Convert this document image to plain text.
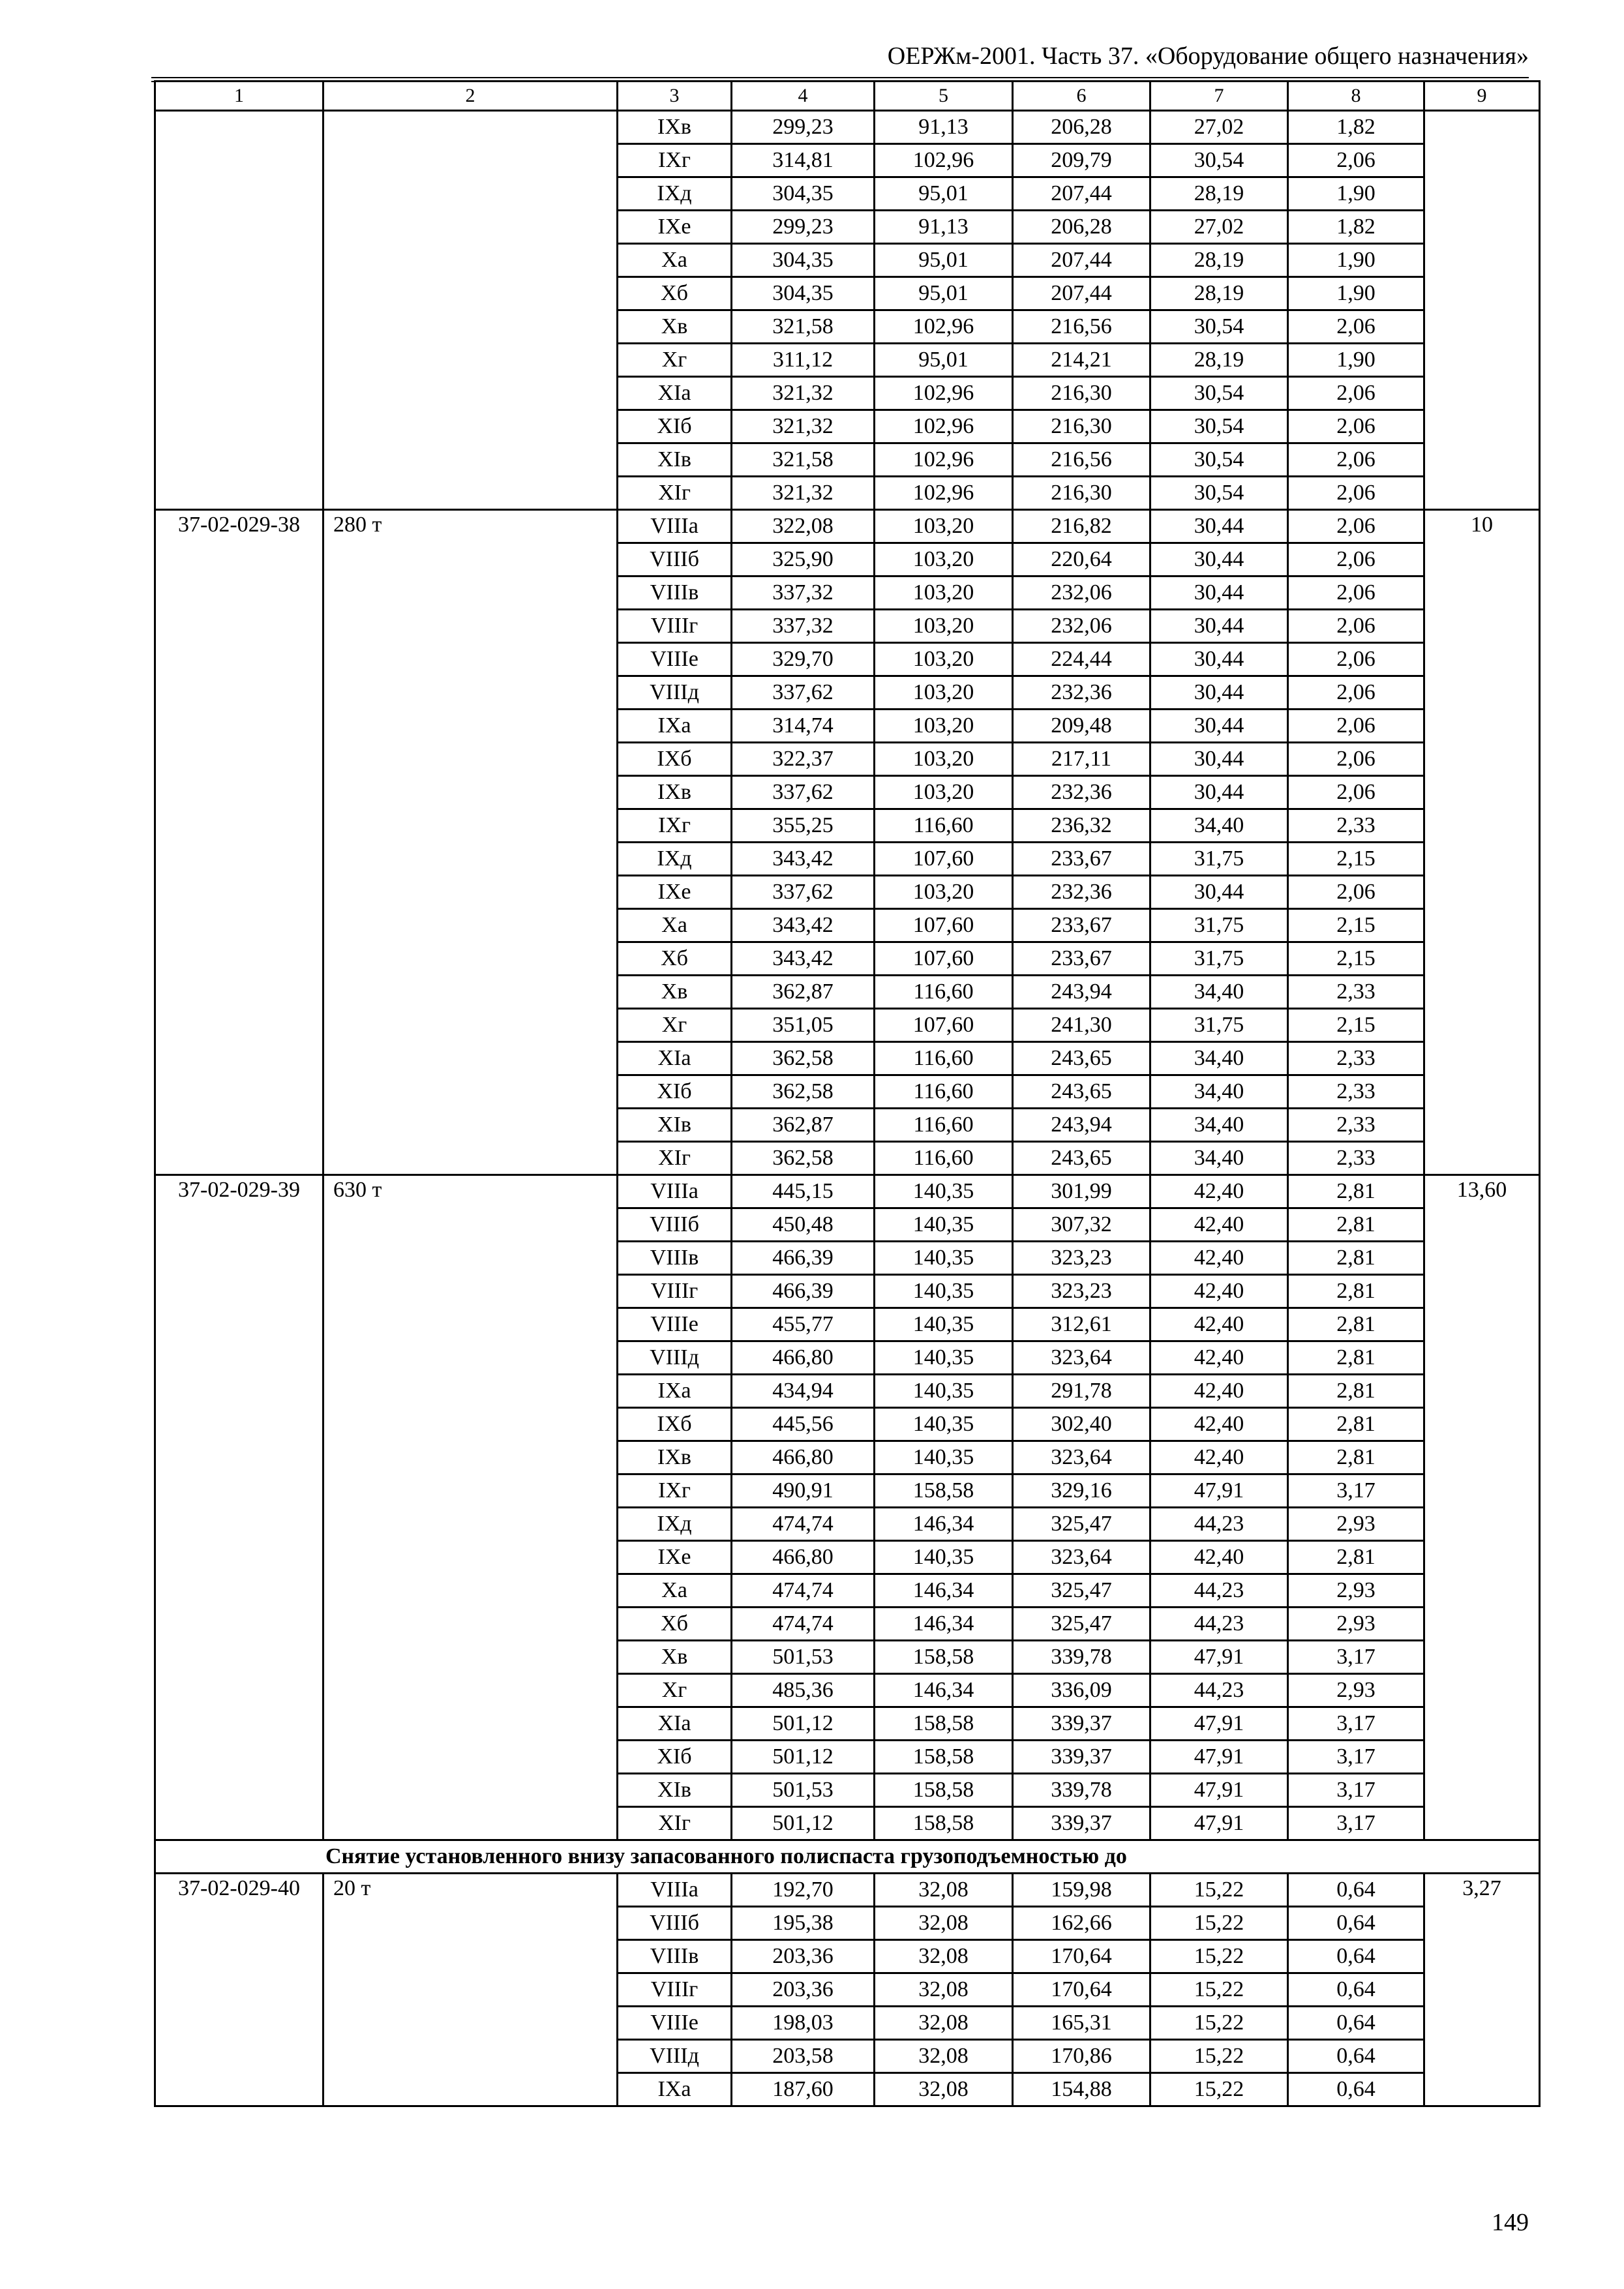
ОЕРЖм-2001. Часть 37. «Оборудование общего назначения»
1	2	3	4	5	6	7	8	9
		IXв	299,23	91,13	206,28	27,02	1,82	
		IXг	314,81	102,96	209,79	30,54	2,06	
		IXд	304,35	95,01	207,44	28,19	1,90	
		IXе	299,23	91,13	206,28	27,02	1,82	
		Xа	304,35	95,01	207,44	28,19	1,90	
		Xб	304,35	95,01	207,44	28,19	1,90	
		Xв	321,58	102,96	216,56	30,54	2,06	
		Xг	311,12	95,01	214,21	28,19	1,90	
		XIа	321,32	102,96	216,30	30,54	2,06	
		XIб	321,32	102,96	216,30	30,54	2,06	
		XIв	321,58	102,96	216,56	30,54	2,06	
		XIг	321,32	102,96	216,30	30,54	2,06	
37-02-029-38	280 т	VIIIа	322,08	103,20	216,82	30,44	2,06	10
		VIIIб	325,90	103,20	220,64	30,44	2,06	
		VIIIв	337,32	103,20	232,06	30,44	2,06	
		VIIIг	337,32	103,20	232,06	30,44	2,06	
		VIIIе	329,70	103,20	224,44	30,44	2,06	
		VIIIд	337,62	103,20	232,36	30,44	2,06	
		IXа	314,74	103,20	209,48	30,44	2,06	
		IXб	322,37	103,20	217,11	30,44	2,06	
		IXв	337,62	103,20	232,36	30,44	2,06	
		IXг	355,25	116,60	236,32	34,40	2,33	
		IXд	343,42	107,60	233,67	31,75	2,15	
		IXе	337,62	103,20	232,36	30,44	2,06	
		Xа	343,42	107,60	233,67	31,75	2,15	
		Xб	343,42	107,60	233,67	31,75	2,15	
		Xв	362,87	116,60	243,94	34,40	2,33	
		Xг	351,05	107,60	241,30	31,75	2,15	
		XIа	362,58	116,60	243,65	34,40	2,33	
		XIб	362,58	116,60	243,65	34,40	2,33	
		XIв	362,87	116,60	243,94	34,40	2,33	
		XIг	362,58	116,60	243,65	34,40	2,33	
37-02-029-39	630 т	VIIIа	445,15	140,35	301,99	42,40	2,81	13,60
		VIIIб	450,48	140,35	307,32	42,40	2,81	
		VIIIв	466,39	140,35	323,23	42,40	2,81	
		VIIIг	466,39	140,35	323,23	42,40	2,81	
		VIIIе	455,77	140,35	312,61	42,40	2,81	
		VIIIд	466,80	140,35	323,64	42,40	2,81	
		IXа	434,94	140,35	291,78	42,40	2,81	
		IXб	445,56	140,35	302,40	42,40	2,81	
		IXв	466,80	140,35	323,64	42,40	2,81	
		IXг	490,91	158,58	329,16	47,91	3,17	
		IXд	474,74	146,34	325,47	44,23	2,93	
		IXе	466,80	140,35	323,64	42,40	2,81	
		Xа	474,74	146,34	325,47	44,23	2,93	
		Xб	474,74	146,34	325,47	44,23	2,93	
		Xв	501,53	158,58	339,78	47,91	3,17	
		Xг	485,36	146,34	336,09	44,23	2,93	
		XIа	501,12	158,58	339,37	47,91	3,17	
		XIб	501,12	158,58	339,37	47,91	3,17	
		XIв	501,53	158,58	339,78	47,91	3,17	
		XIг	501,12	158,58	339,37	47,91	3,17	
Снятие установленного внизу запасованного полиспаста грузоподъемностью до								
37-02-029-40	20 т	VIIIа	192,70	32,08	159,98	15,22	0,64	3,27
		VIIIб	195,38	32,08	162,66	15,22	0,64	
		VIIIв	203,36	32,08	170,64	15,22	0,64	
		VIIIг	203,36	32,08	170,64	15,22	0,64	
		VIIIе	198,03	32,08	165,31	15,22	0,64	
		VIIIд	203,58	32,08	170,86	15,22	0,64	
		IXа	187,60	32,08	154,88	15,22	0,64	
149
